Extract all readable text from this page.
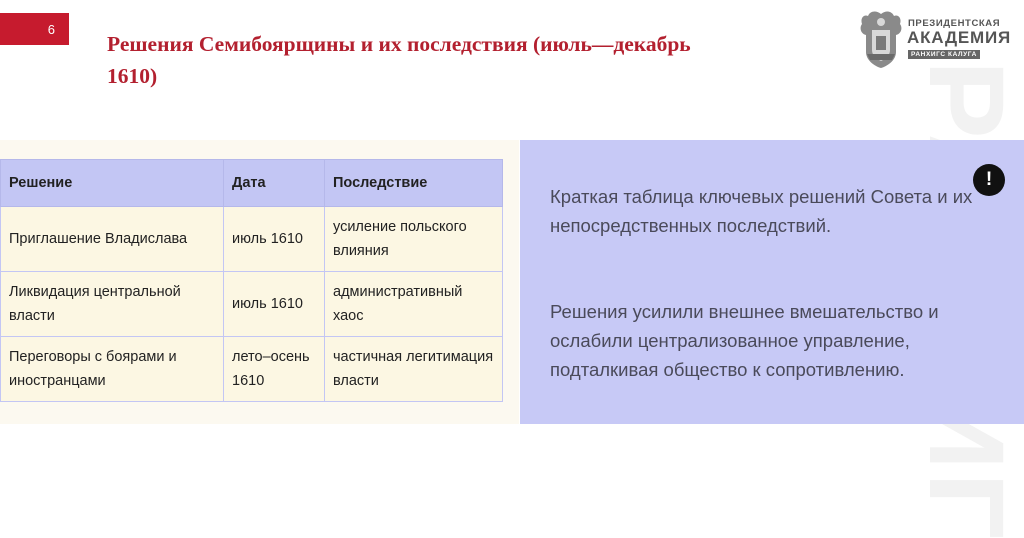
6
Решения Семибоярщины и их последствия (июль—декабрь 1610)
ПРЕЗИДЕНТСКАЯ
АКАДЕМИЯ
РАНХИГС КАЛУГА
Решение	Дата	Последствие
Приглашение Владислава	июль 1610	усиление польского влияния
Ликвидация центральной власти	июль 1610	административный хаос
Переговоры с боярами и иностранцами	лето–осень 1610	частичная легитимация власти
!

Краткая таблица ключевых решений Совета и их непосредственных последствий.

Решения усилили внешнее вмешательство и ослабили централизованное управление, подталкивая общество к сопротивлению.
